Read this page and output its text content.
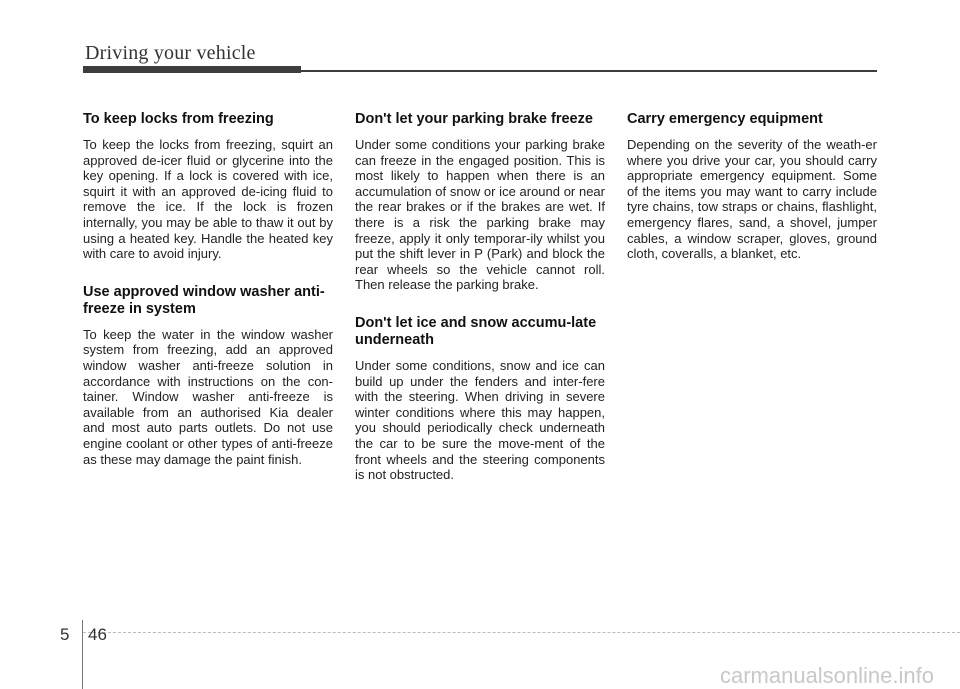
Driving your vehicle

To keep locks from freezing

To keep the locks from freezing, squirt an approved de-icer fluid or glycerine into the key opening. If a lock is covered with ice, squirt it with an approved de-icing fluid to remove the ice. If the lock is frozen internally, you may be able to thaw it out by using a heated key. Handle the heated key with care to avoid injury.

Use approved window washer anti-freeze in system

To keep the water in the window washer system from freezing, add an approved window washer anti-freeze solution in accordance with instructions on the con-tainer. Window washer anti-freeze is available from an authorised Kia dealer and most auto parts outlets. Do not use engine coolant or other types of anti-freeze as these may damage the paint finish.

Don't let your parking brake freeze

Under some conditions your parking brake can freeze in the engaged position. This is most likely to happen when there is an accumulation of snow or ice around or near the rear brakes or if the brakes are wet. If there is a risk the parking brake may freeze, apply it only temporar-ily whilst you put the shift lever in P (Park) and block the rear wheels so the vehicle cannot roll. Then release the parking brake.

Don't let ice and snow accumu-late underneath

Under some conditions, snow and ice can build up under the fenders and inter-fere with the steering. When driving in severe winter conditions where this may happen, you should periodically check underneath the car to be sure the move-ment of the front wheels and the steering components is not obstructed.

Carry emergency equipment

Depending on the severity of the weath-er where you drive your car, you should carry appropriate emergency equipment. Some of the items you may want to carry include tyre chains, tow straps or chains, flashlight, emergency flares, sand, a shovel, jumper cables, a window scraper, gloves, ground cloth, coveralls, a blanket, etc.

5 46
carmanualsonline.info
